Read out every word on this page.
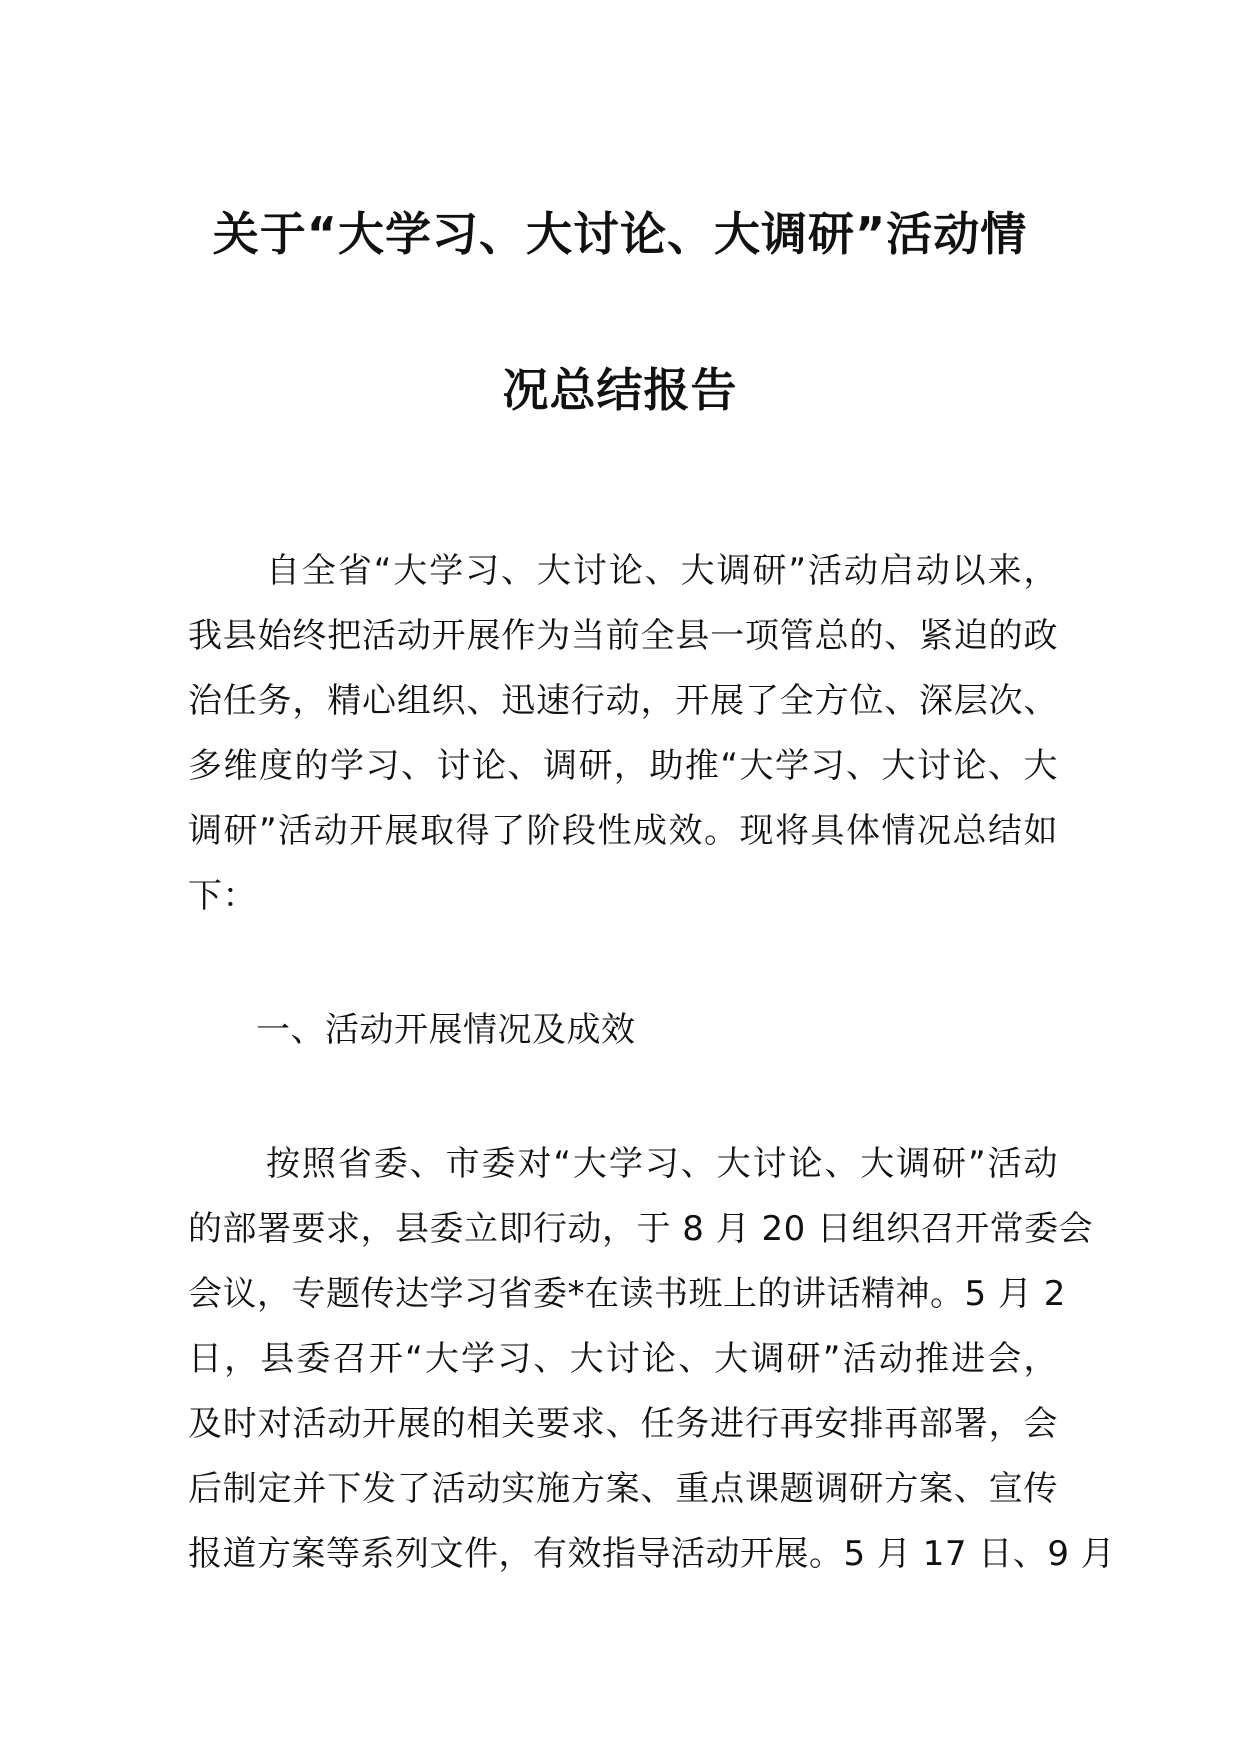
关于“大学习、大讨论、大调研”活动情
况总结报告
自全省“大学习、大讨论、大调研”活动启动以来，
我县始终把活动开展作为当前全县一项管总的、紧迫的政
治任务，精心组织、迅速行动，开展了全方位、深层次、
多维度的学习、讨论、调研，助推“大学习、大讨论、大
调研”活动开展取得了阶段性成效。现将具体情况总结如
下：
一、活动开展情况及成效
按照省委、市委对“大学习、大讨论、大调研”活动
的部署要求，县委立即行动，于 8 月 20 日组织召开常委会
会议，专题传达学习省委*在读书班上的讲话精神。5 月 2
日，县委召开“大学习、大讨论、大调研”活动推进会，
及时对活动开展的相关要求、任务进行再安排再部署，会
后制定并下发了活动实施方案、重点课题调研方案、宣传
报道方案等系列文件，有效指导活动开展。5 月 17 日、9 月
